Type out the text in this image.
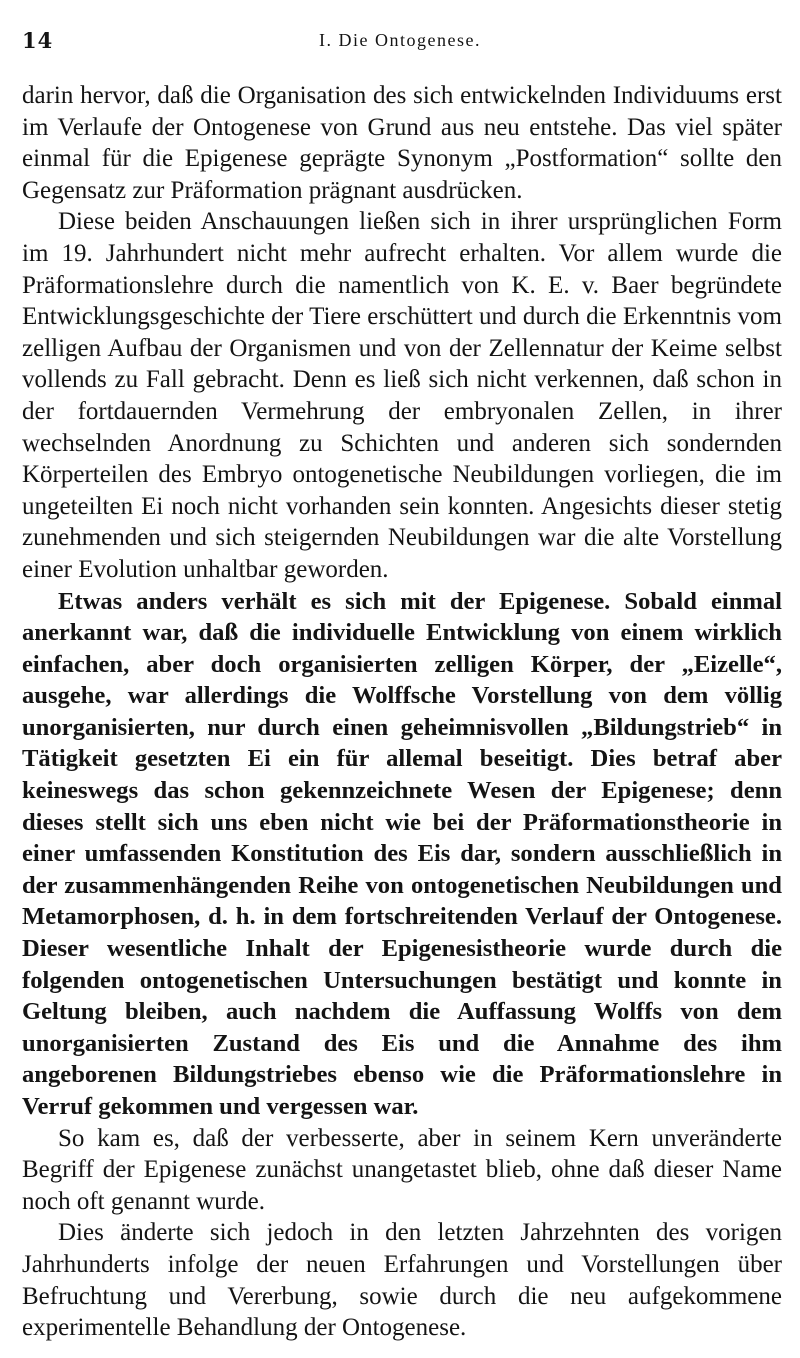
14	I. Die Ontogenese.

darin hervor, daß die Organisation des sich entwickelnden Individuums erst im Verlaufe der Ontogenese von Grund aus neu entstehe. Das viel später einmal für die Epigenese geprägte Synonym „Postformation“ sollte den Gegensatz zur Präformation prägnant ausdrücken.

Diese beiden Anschauungen ließen sich in ihrer ursprünglichen Form im 19. Jahrhundert nicht mehr aufrecht erhalten. Vor allem wurde die Präformationslehre durch die namentlich von K. E. v. Baer begründete Entwicklungsgeschichte der Tiere erschüttert und durch die Erkenntnis vom zelligen Aufbau der Organismen und von der Zellennatur der Keime selbst vollends zu Fall gebracht. Denn es ließ sich nicht verkennen, daß schon in der fortdauernden Vermehrung der embryonalen Zellen, in ihrer wechselnden Anordnung zu Schichten und anderen sich sondernden Körperteilen des Embryo ontogenetische Neubildungen vorliegen, die im ungeteilten Ei noch nicht vorhanden sein konnten. Angesichts dieser stetig zunehmenden und sich steigernden Neubildungen war die alte Vorstellung einer Evolution unhaltbar geworden.

Etwas anders verhält es sich mit der Epigenese. Sobald einmal anerkannt war, daß die individuelle Entwicklung von einem wirklich einfachen, aber doch organisierten zelligen Körper, der „Eizelle“, ausgehe, war allerdings die Wolffsche Vorstellung von dem völlig unorganisierten, nur durch einen geheimnisvollen „Bildungstrieb“ in Tätigkeit gesetzten Ei ein für allemal beseitigt. Dies betraf aber keineswegs das schon gekennzeichnete Wesen der Epigenese; denn dieses stellt sich uns eben nicht wie bei der Präformationstheorie in einer umfassenden Konstitution des Eis dar, sondern ausschließlich in der zusammenhängenden Reihe von ontogenetischen Neubildungen und Metamorphosen, d. h. in dem fortschreitenden Verlauf der Ontogenese. Dieser wesentliche Inhalt der Epigenesistheorie wurde durch die folgenden ontogenetischen Untersuchungen bestätigt und konnte in Geltung bleiben, auch nachdem die Auffassung Wolffs von dem unorganisierten Zustand des Eis und die Annahme des ihm angeborenen Bildungstriebes ebenso wie die Präformationslehre in Verruf gekommen und vergessen war.

So kam es, daß der verbesserte, aber in seinem Kern unveränderte Begriff der Epigenese zunächst unangetastet blieb, ohne daß dieser Name noch oft genannt wurde.

Dies änderte sich jedoch in den letzten Jahrzehnten des vorigen Jahrhunderts infolge der neuen Erfahrungen und Vorstellungen über Befruchtung und Vererbung, sowie durch die neu aufgekommene experimentelle Behandlung der Ontogenese.
